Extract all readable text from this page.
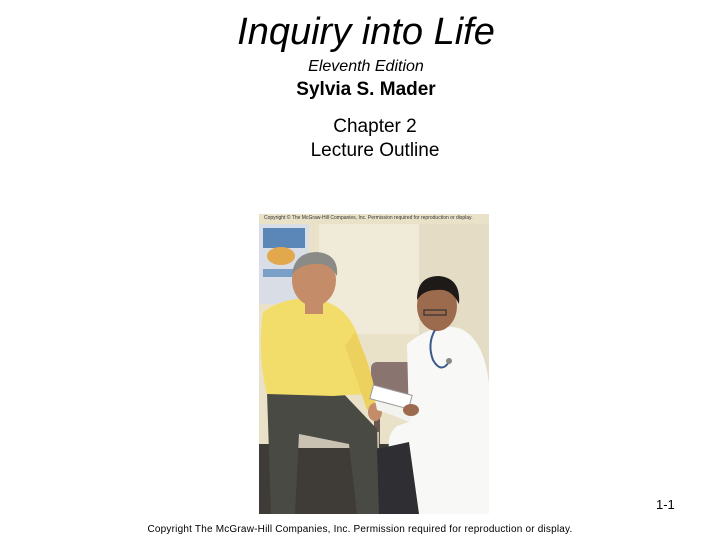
Inquiry into Life
Eleventh Edition
Sylvia S. Mader
Chapter 2
Lecture Outline
Copyright © The McGraw-Hill Companies, Inc. Permission required for reproduction or display.
1-1
Copyright The McGraw-Hill Companies, Inc. Permission required for reproduction or display.
